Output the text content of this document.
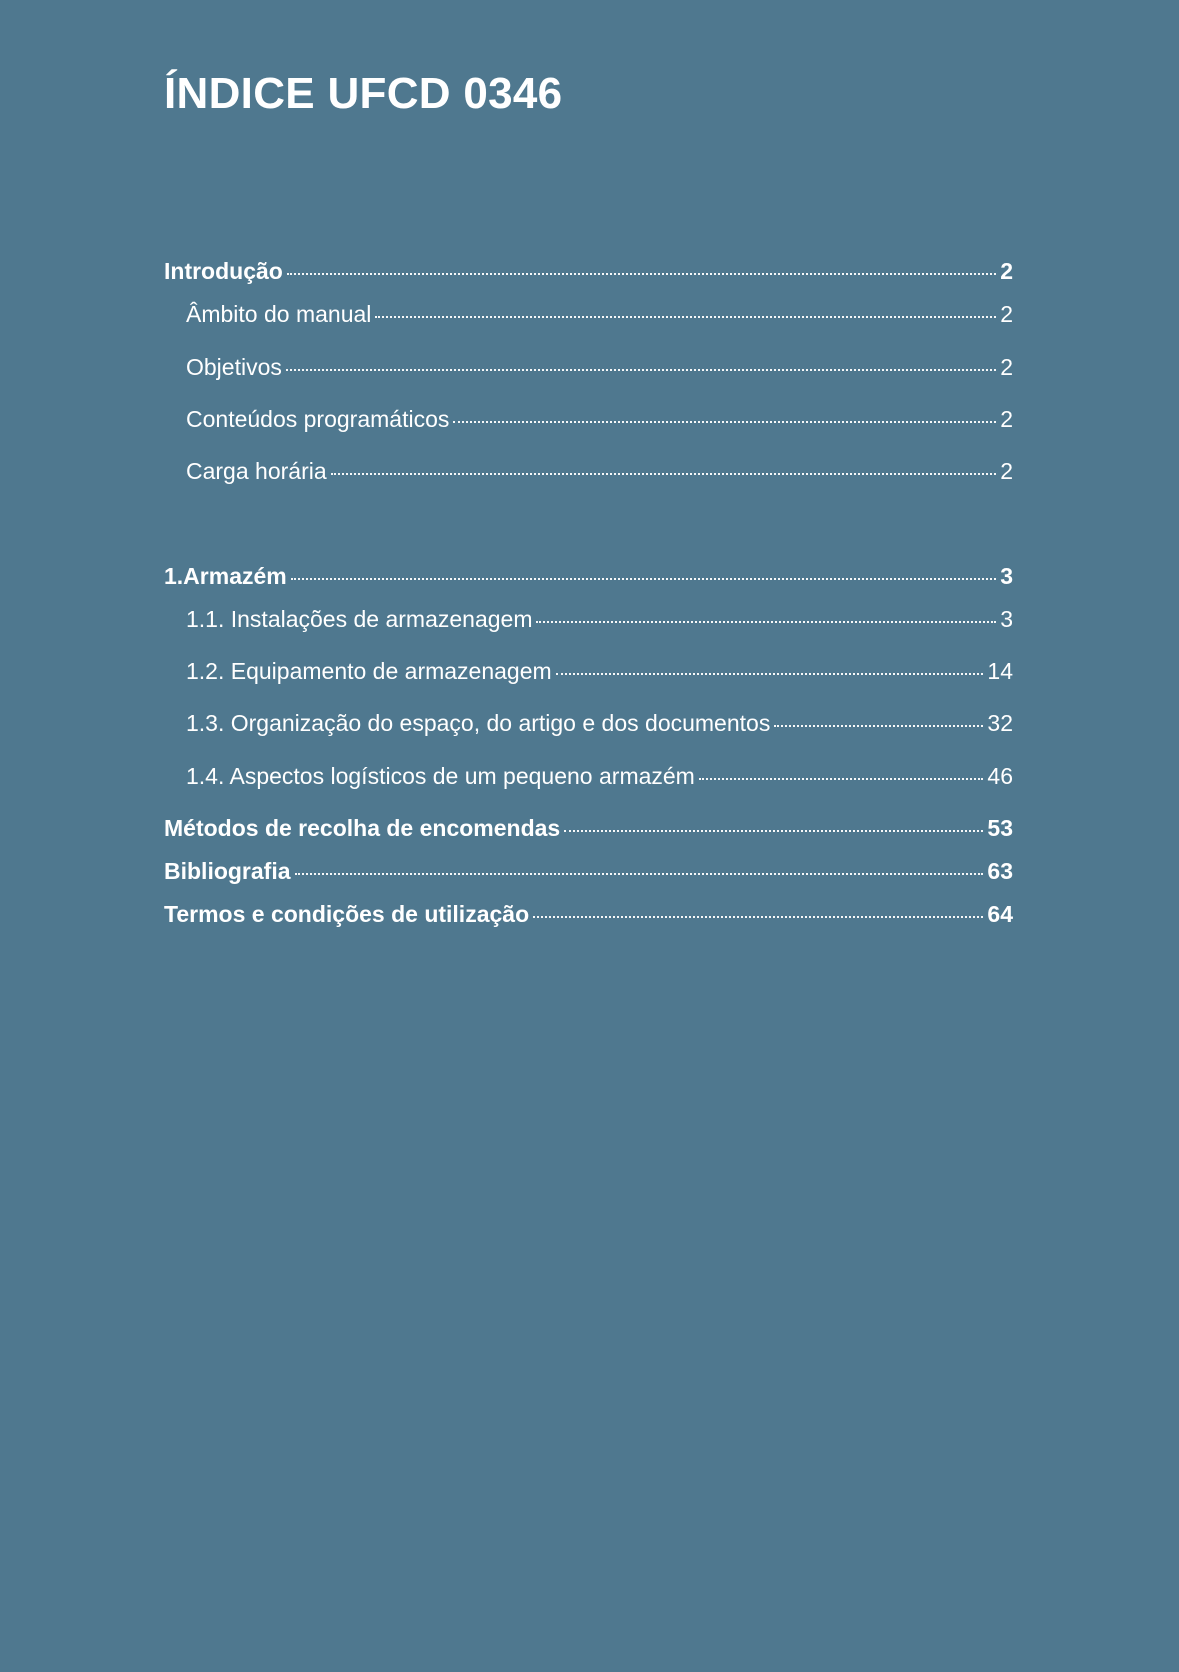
ÍNDICE UFCD 0346
Introdução	2
Âmbito do manual	2
Objetivos	2
Conteúdos programáticos	2
Carga horária	2
1.Armazém	3
1.1. Instalações de armazenagem	3
1.2. Equipamento de armazenagem	14
1.3. Organização do espaço, do artigo e dos documentos	32
1.4. Aspectos logísticos de um pequeno armazém	46
Métodos de recolha de encomendas	53
Bibliografia	63
Termos e condições de utilização	64
